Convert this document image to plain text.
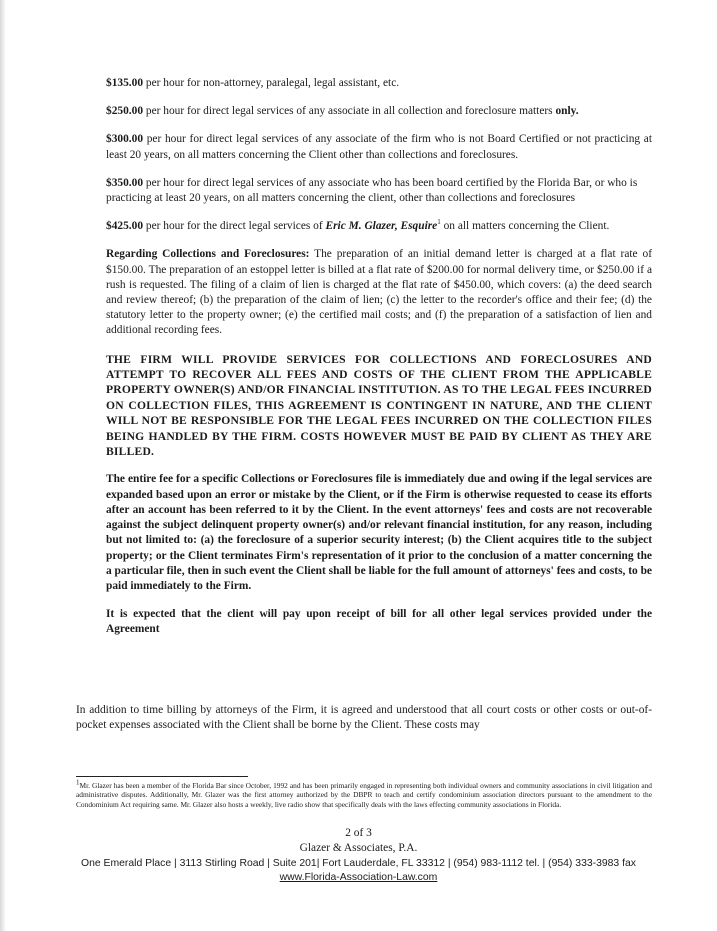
$135.00 per hour for non-attorney, paralegal, legal assistant, etc.

$250.00 per hour for direct legal services of any associate in all collection and foreclosure matters only.

$300.00 per hour for direct legal services of any associate of the firm who is not Board Certified or not practicing at least 20 years, on all matters concerning the Client other than collections and foreclosures.

$350.00 per hour for direct legal services of any associate who has been board certified by the Florida Bar, or who is practicing at least 20 years, on all matters concerning the client, other than collections and foreclosures

$425.00 per hour for the direct legal services of Eric M. Glazer, Esquire$^1$ on all matters concerning the Client.

Regarding Collections and Foreclosures: The preparation of an initial demand letter is charged at a flat rate of $150.00. The preparation of an estoppel letter is billed at a flat rate of $200.00 for normal delivery time, or $250.00 if a rush is requested. The filing of a claim of lien is charged at the flat rate of $450.00, which covers: (a) the deed search and review thereof; (b) the preparation of the claim of lien; (c) the letter to the recorder's office and their fee; (d) the statutory letter to the property owner; (e) the certified mail costs; and (f) the preparation of a satisfaction of lien and additional recording fees.

THE FIRM WILL PROVIDE SERVICES FOR COLLECTIONS AND FORECLOSURES AND ATTEMPT TO RECOVER ALL FEES AND COSTS OF THE CLIENT FROM THE APPLICABLE PROPERTY OWNER(S) AND/OR FINANCIAL INSTITUTION. AS TO THE LEGAL FEES INCURRED ON COLLECTION FILES, THIS AGREEMENT IS CONTINGENT IN NATURE, AND THE CLIENT WILL NOT BE RESPONSIBLE FOR THE LEGAL FEES INCURRED ON THE COLLECTION FILES BEING HANDLED BY THE FIRM. COSTS HOWEVER MUST BE PAID BY CLIENT AS THEY ARE BILLED.

The entire fee for a specific Collections or Foreclosures file is immediately due and owing if the legal services are expanded based upon an error or mistake by the Client, or if the Firm is otherwise requested to cease its efforts after an account has been referred to it by the Client. In the event attorneys' fees and costs are not recoverable against the subject delinquent property owner(s) and/or relevant financial institution, for any reason, including but not limited to: (a) the foreclosure of a superior security interest; (b) the Client acquires title to the subject property; or the Client terminates Firm's representation of it prior to the conclusion of a matter concerning the a particular file, then in such event the Client shall be liable for the full amount of attorneys' fees and costs, to be paid immediately to the Firm.

It is expected that the client will pay upon receipt of bill for all other legal services provided under the Agreement

In addition to time billing by attorneys of the Firm, it is agreed and understood that all court costs or other costs or out-of-pocket expenses associated with the Client shall be borne by the Client. These costs may

1Mr. Glazer has been a member of the Florida Bar since October, 1992 and has been primarily engaged in representing both individual owners and community associations in civil litigation and administrative disputes. Additionally, Mr. Glazer was the first attorney authorized by the DBPR to teach and certify condominium association directors pursuant to the amendment to the Condominium Act requiring same. Mr. Glazer also hosts a weekly, live radio show that specifically deals with the laws effecting community associations in Florida.

2 of 3
Glazer & Associates, P.A.
One Emerald Place | 3113 Stirling Road | Suite 201| Fort Lauderdale, FL 33312 | (954) 983-1112 tel. | (954) 333-3983 fax
www.Florida-Association-Law.com
